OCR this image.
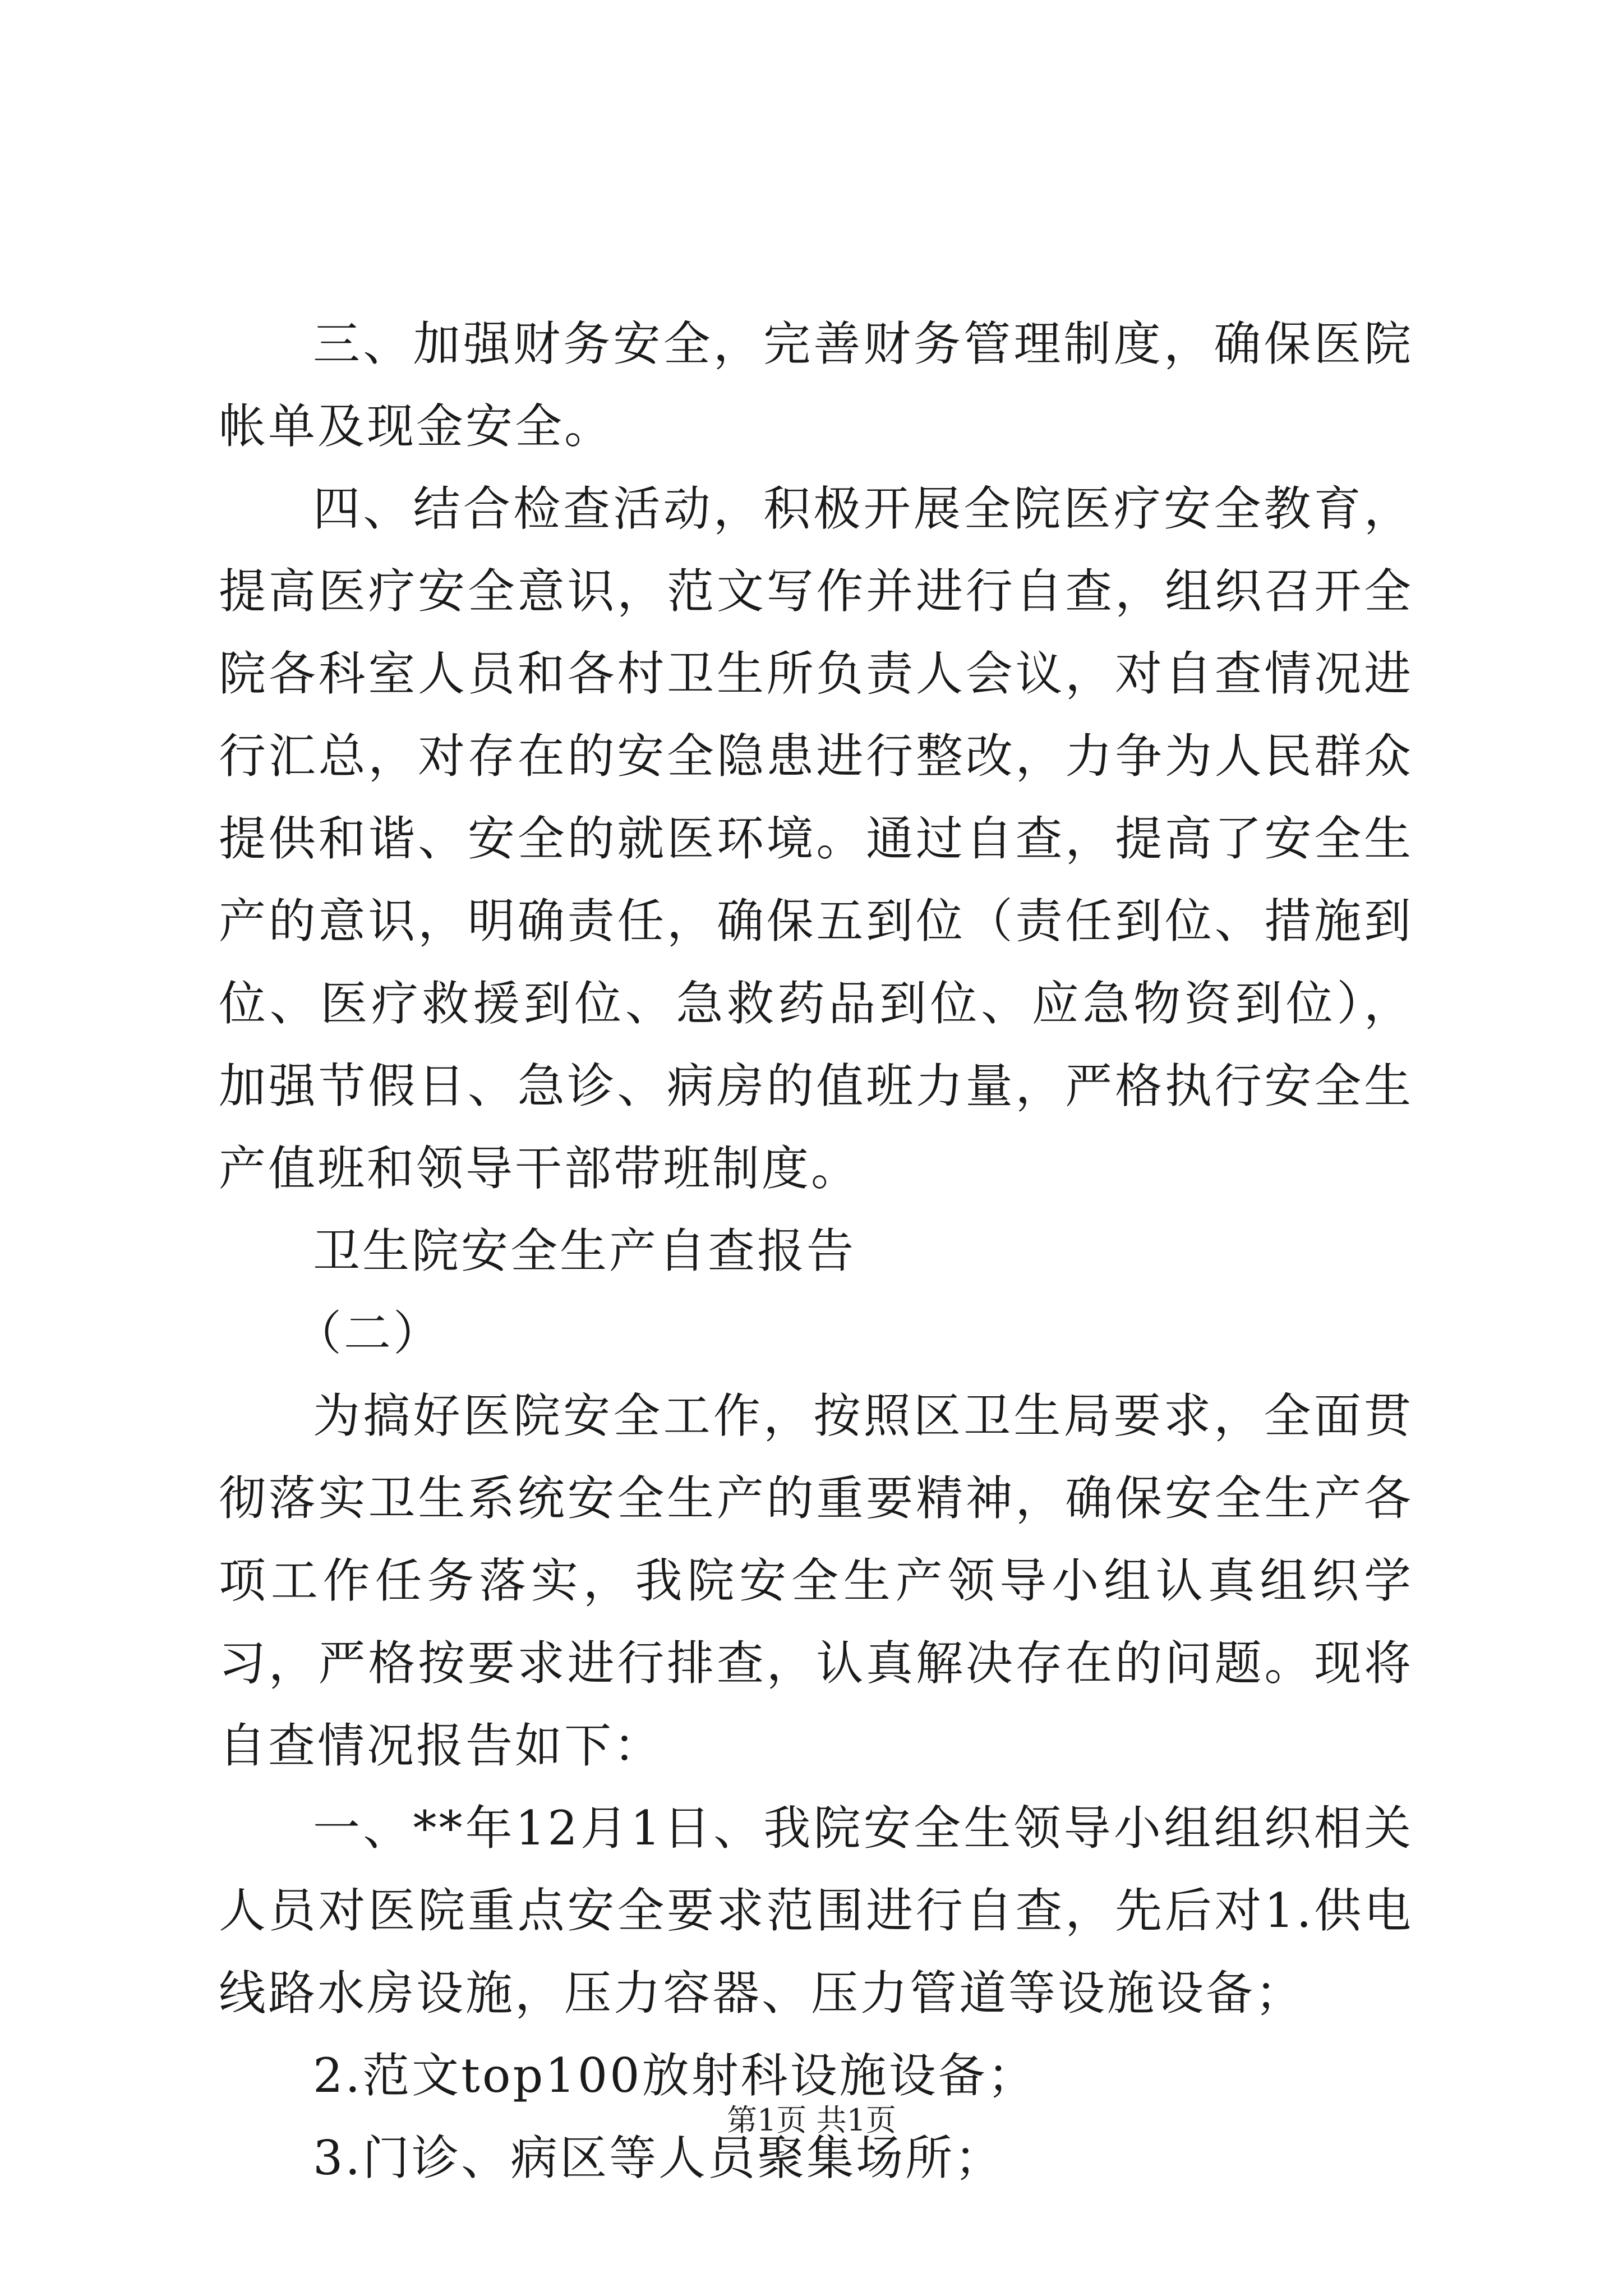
三、加强财务安全，完善财务管理制度，确保医院帐单及现金安全。

四、结合检查活动，积极开展全院医疗安全教育，提高医疗安全意识，范文写作并进行自查，组织召开全院各科室人员和各村卫生所负责人会议，对自查情况进行汇总，对存在的安全隐患进行整改，力争为人民群众提供和谐、安全的就医环境。通过自查，提高了安全生产的意识，明确责任，确保五到位（责任到位、措施到位、医疗救援到位、急救药品到位、应急物资到位），加强节假日、急诊、病房的值班力量，严格执行安全生产值班和领导干部带班制度。

卫生院安全生产自查报告

（二）

为搞好医院安全工作，按照区卫生局要求，全面贯彻落实卫生系统安全生产的重要精神，确保安全生产各项工作任务落实，我院安全生产领导小组认真组织学习，严格按要求进行排查，认真解决存在的问题。现将自查情况报告如下：

一、**年12月1日、我院安全生领导小组组织相关人员对医院重点安全要求范围进行自查，先后对1.供电线路水房设施，压力容器、压力管道等设施设备；

2.范文top100放射科设施设备；

3.门诊、病区等人员聚集场所；

第1页 共1页
